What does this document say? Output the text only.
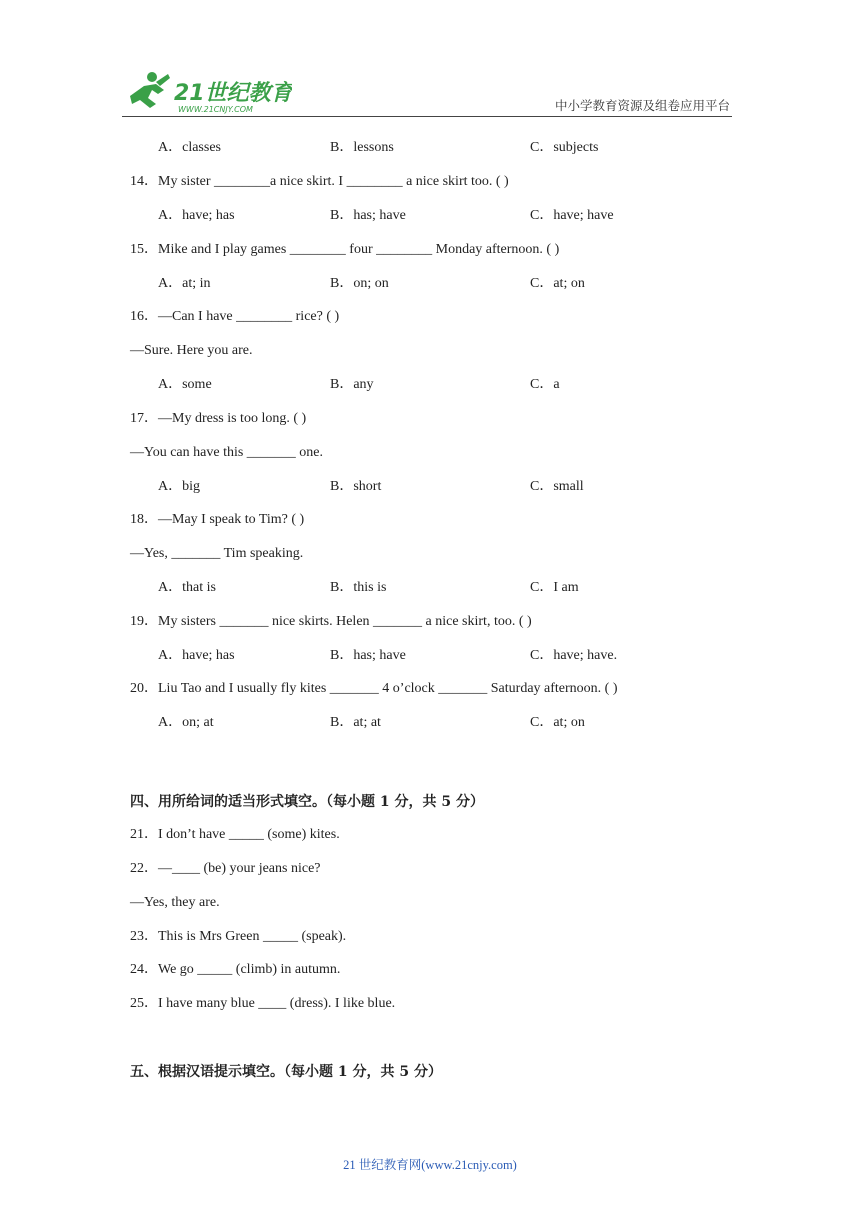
21世纪教育
WWW.21CNJY.COM	中小学教育资源及组卷应用平台
A．classes	B．lessons	C．subjects
14．My sister ________a nice skirt. I ________ a nice skirt too. ( )
A．have; has	B．has; have	C．have; have
15．Mike and I play games ________ four ________ Monday afternoon. ( )
A．at; in	B．on; on	C．at; on
16．—Can I have ________ rice? ( )
—Sure. Here you are.
A．some	B．any	C．a
17．—My dress is too long. ( )
—You can have this _______ one.
A．big	B．short	C．small
18．—May I speak to Tim? ( )
—Yes, _______ Tim speaking.
A．that is	B．this is	C．I am
19．My sisters _______ nice skirts. Helen _______ a nice skirt, too. ( )
A．have; has	B．has; have	C．have; have.
20．Liu Tao and I usually fly kites _______ 4 o’clock _______ Saturday afternoon. ( )
A．on; at	B．at; at	C．at; on
四、用所给词的适当形式填空。（每小题 1 分，共 5 分）
21．I don’t have _____ (some) kites.
22．—____ (be) your jeans nice?
—Yes, they are.
23．This is Mrs Green _____ (speak).
24．We go _____ (climb) in autumn.
25．I have many blue ____ (dress). I like blue.
五、根据汉语提示填空。（每小题 1 分，共 5 分）
21 世纪教育网(www.21cnjy.com)
